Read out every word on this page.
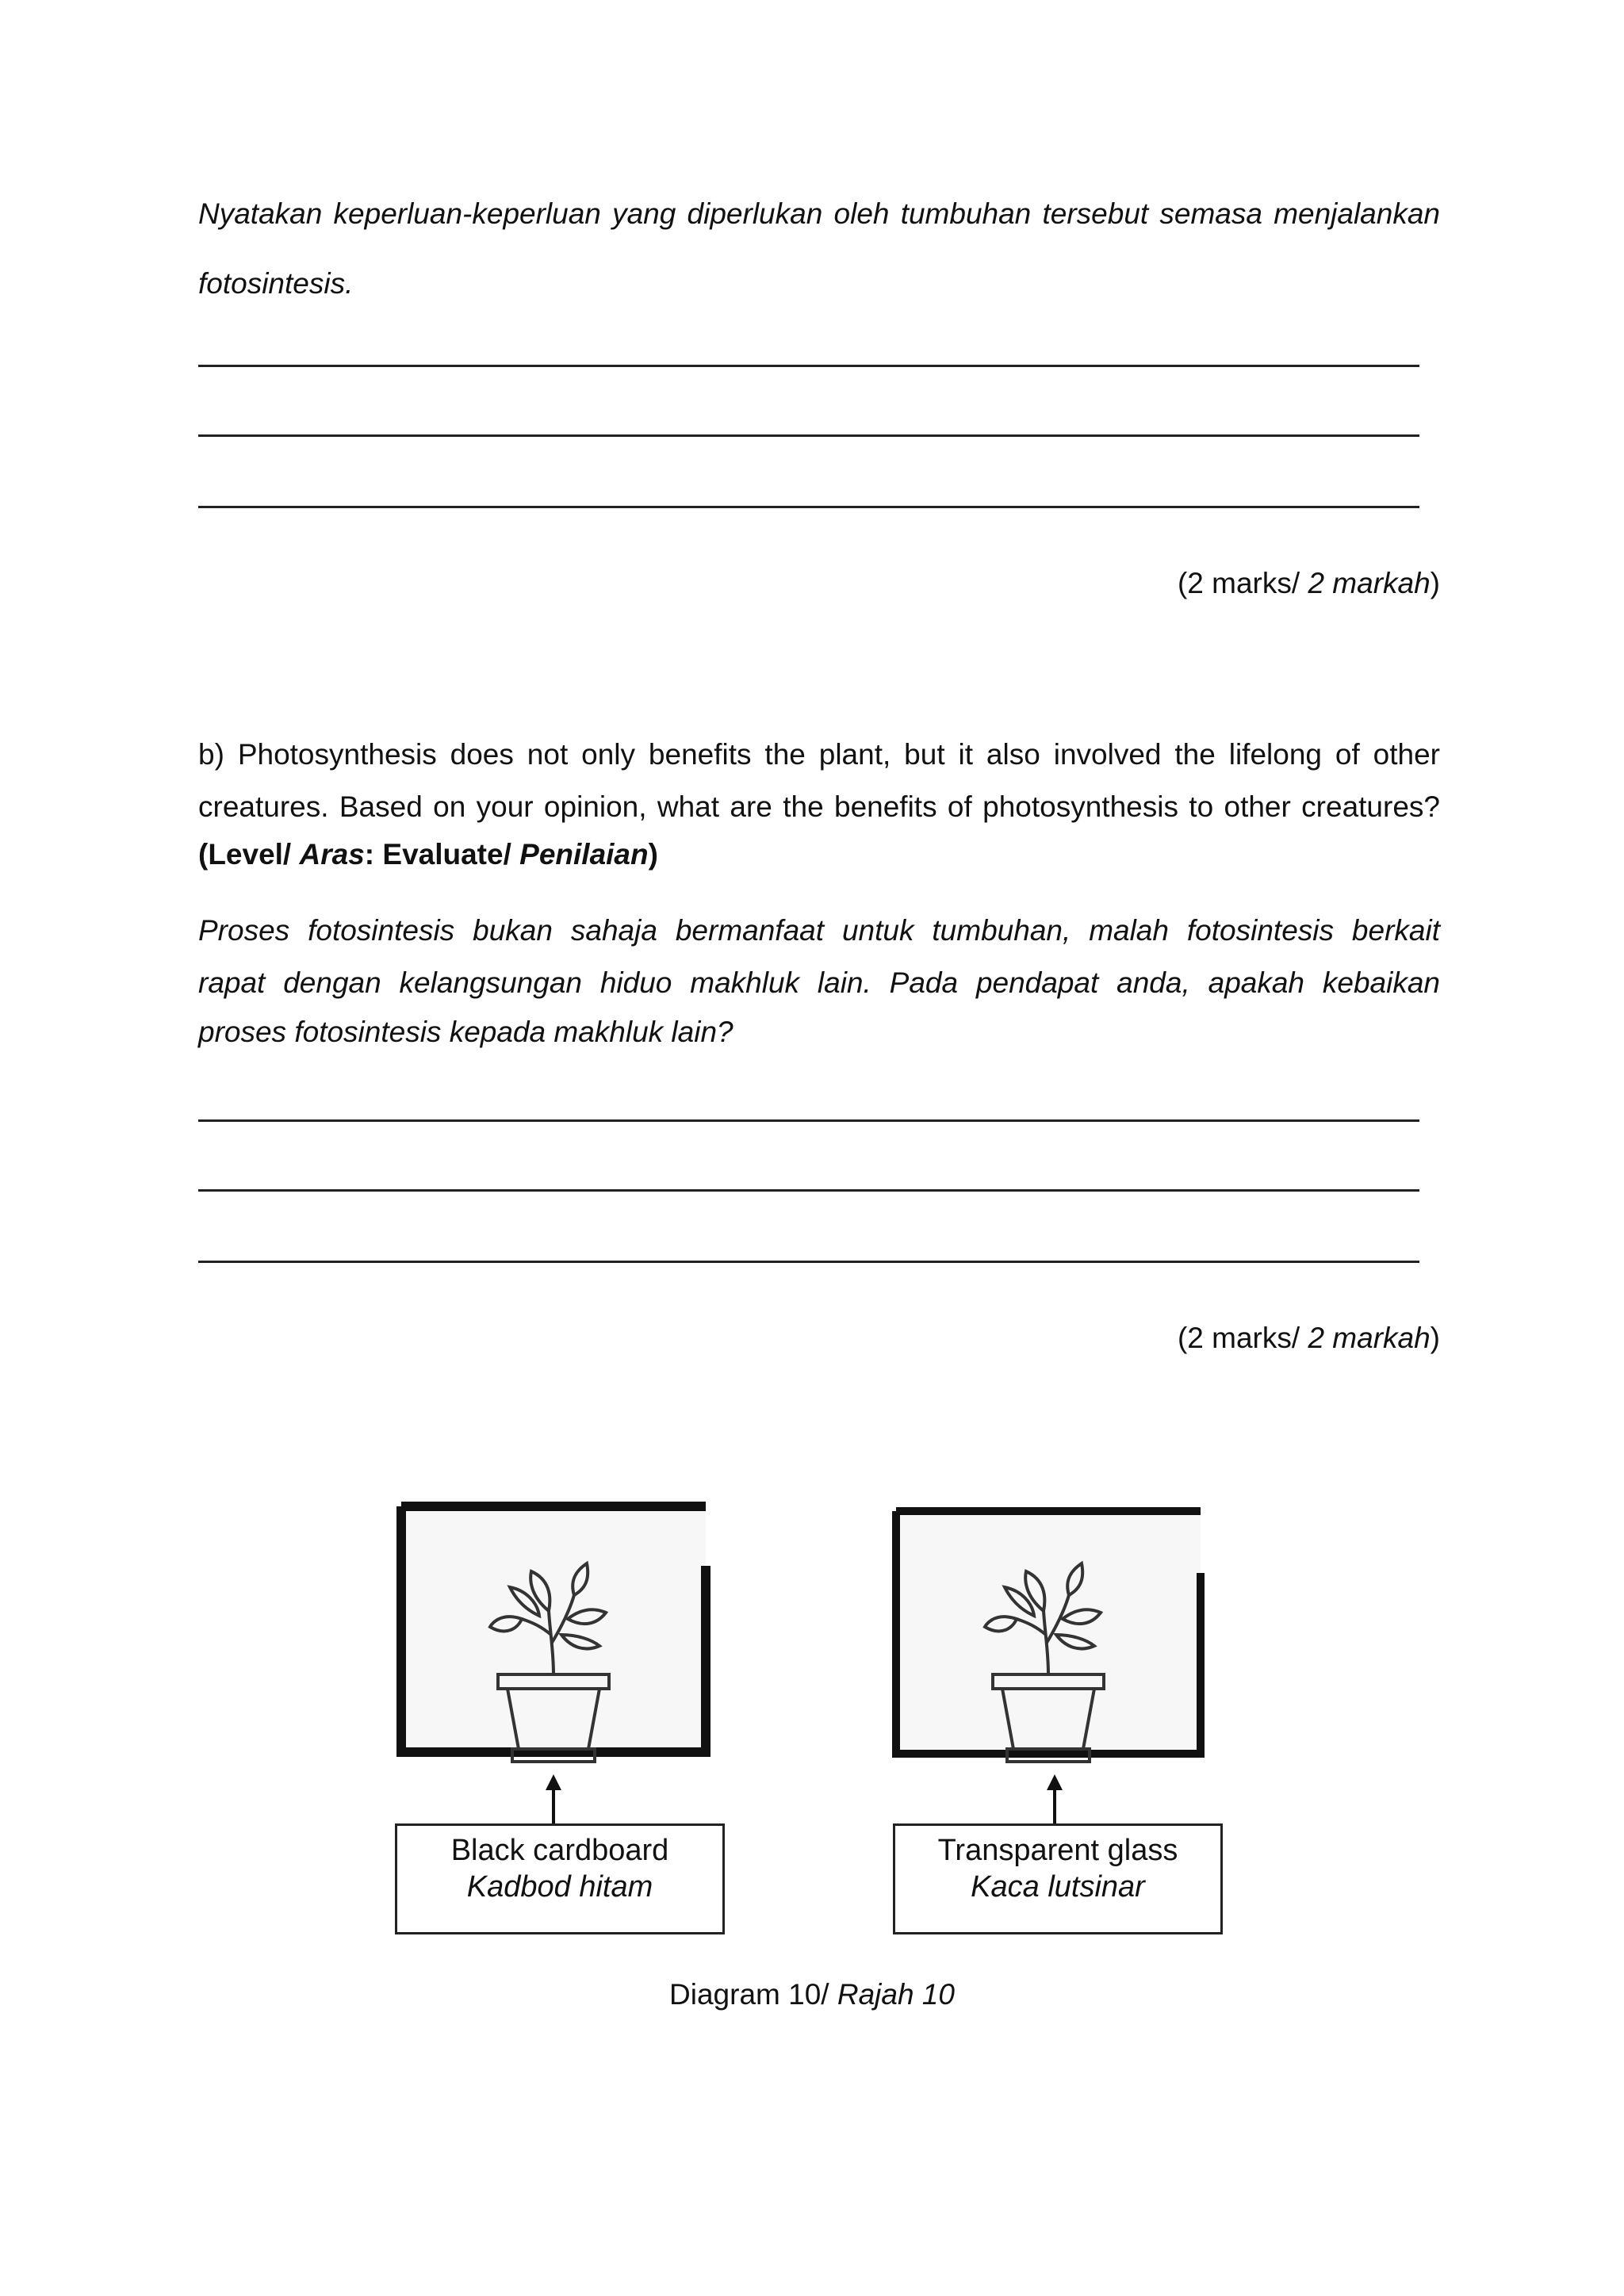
Nyatakan keperluan-keperluan yang diperlukan oleh tumbuhan tersebut semasa menjalankan
fotosintesis.
(2 marks/ 2 markah)
b) Photosynthesis does not only benefits the plant, but it also involved the lifelong of other
creatures. Based on your opinion, what are the benefits of photosynthesis to other creatures?
(Level/ Aras: Evaluate/ Penilaian)
Proses fotosintesis bukan sahaja bermanfaat untuk tumbuhan, malah fotosintesis berkait
rapat dengan kelangsungan hiduo makhluk lain. Pada pendapat anda, apakah kebaikan
proses fotosintesis kepada makhluk lain?
(2 marks/ 2 markah)
Black cardboard
Kadbod hitam
Transparent glass
Kaca lutsinar
Diagram 10/ Rajah 10
